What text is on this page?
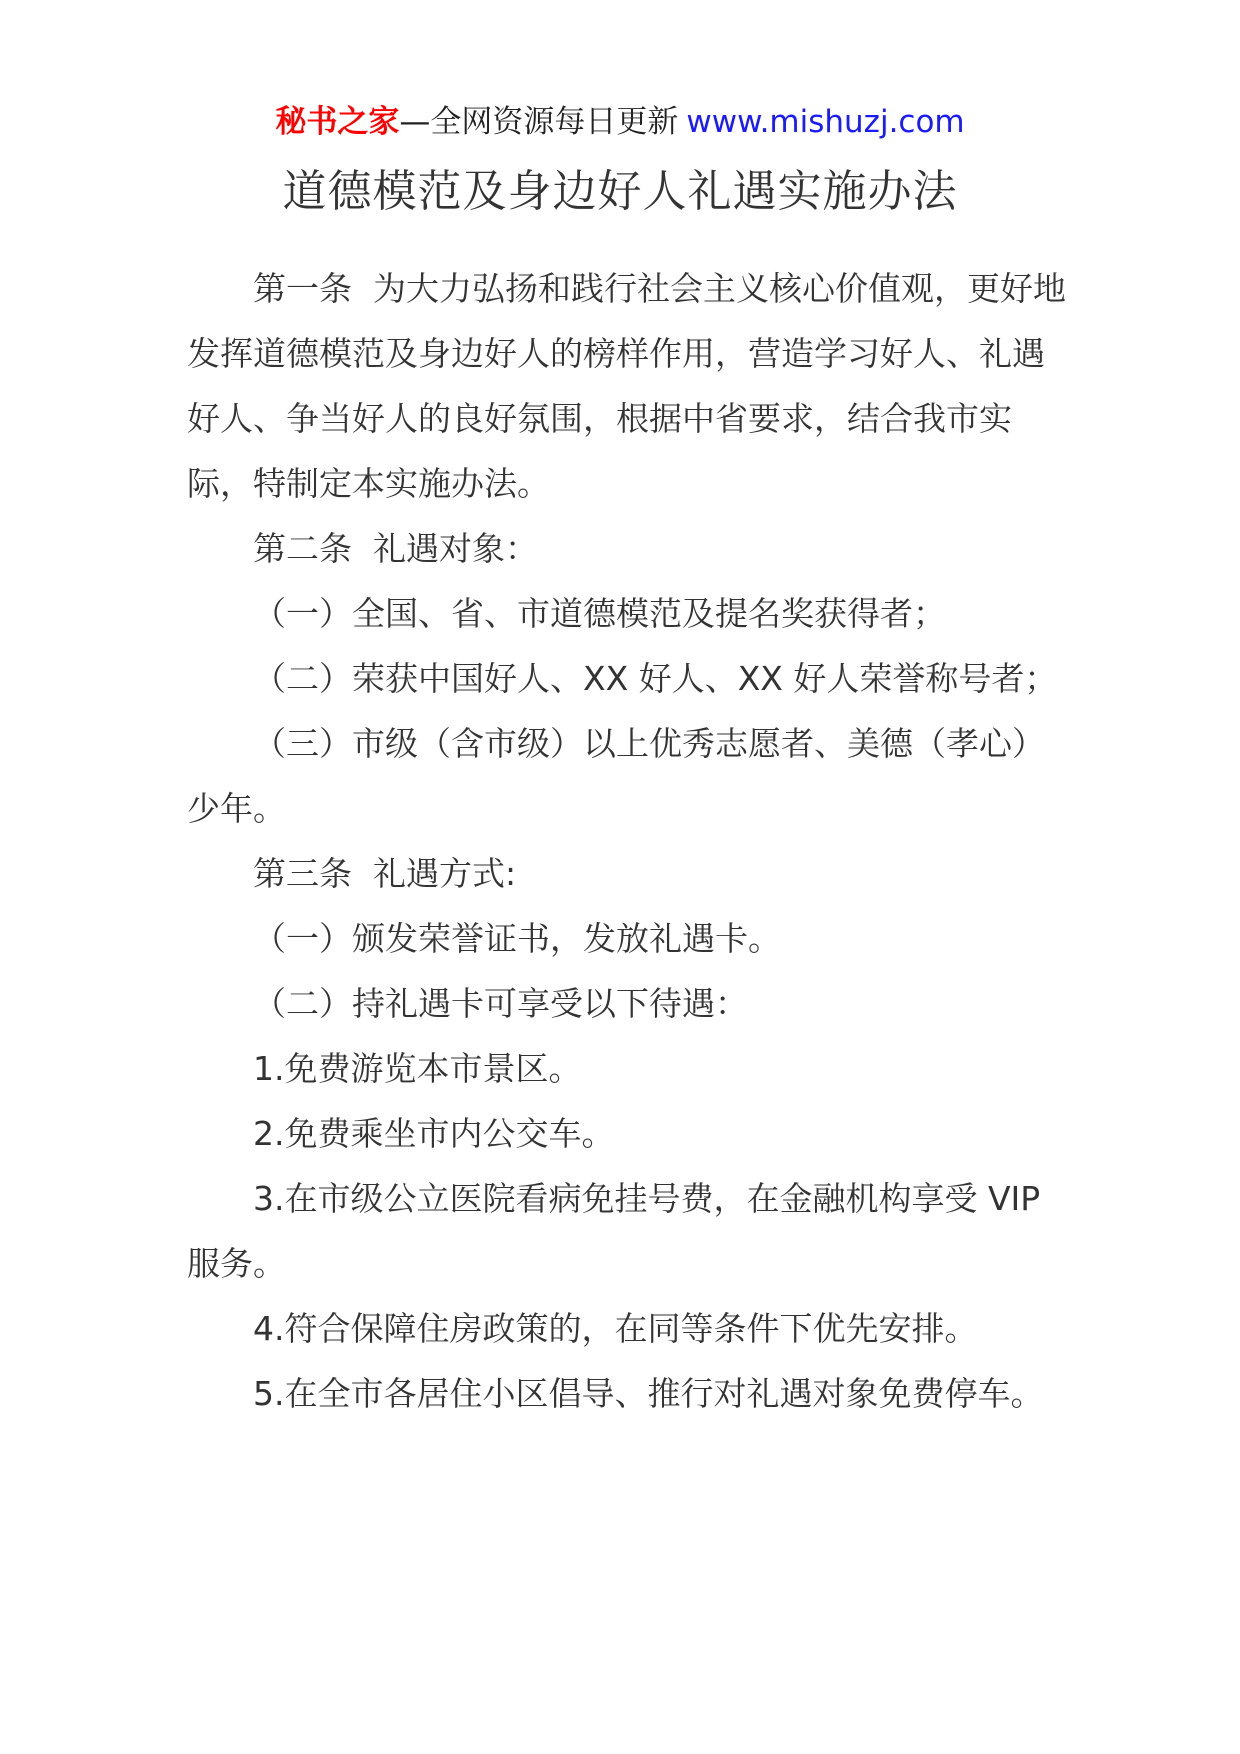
秘书之家—全网资源每日更新 www.mishuzj.com
道德模范及身边好人礼遇实施办法

第一条  为大力弘扬和践行社会主义核心价值观，更好地发挥道德模范及身边好人的榜样作用，营造学习好人、礼遇好人、争当好人的良好氛围，根据中省要求，结合我市实际，特制定本实施办法。

第二条  礼遇对象：

（一）全国、省、市道德模范及提名奖获得者；

（二）荣获中国好人、XX 好人、XX 好人荣誉称号者；

（三）市级（含市级）以上优秀志愿者、美德（孝心）少年。

第三条  礼遇方式:

（一）颁发荣誉证书，发放礼遇卡。

（二）持礼遇卡可享受以下待遇：

1.免费游览本市景区。

2.免费乘坐市内公交车。

3.在市级公立医院看病免挂号费，在金融机构享受 VIP 服务。

4.符合保障住房政策的，在同等条件下优先安排。

5.在全市各居住小区倡导、推行对礼遇对象免费停车。
